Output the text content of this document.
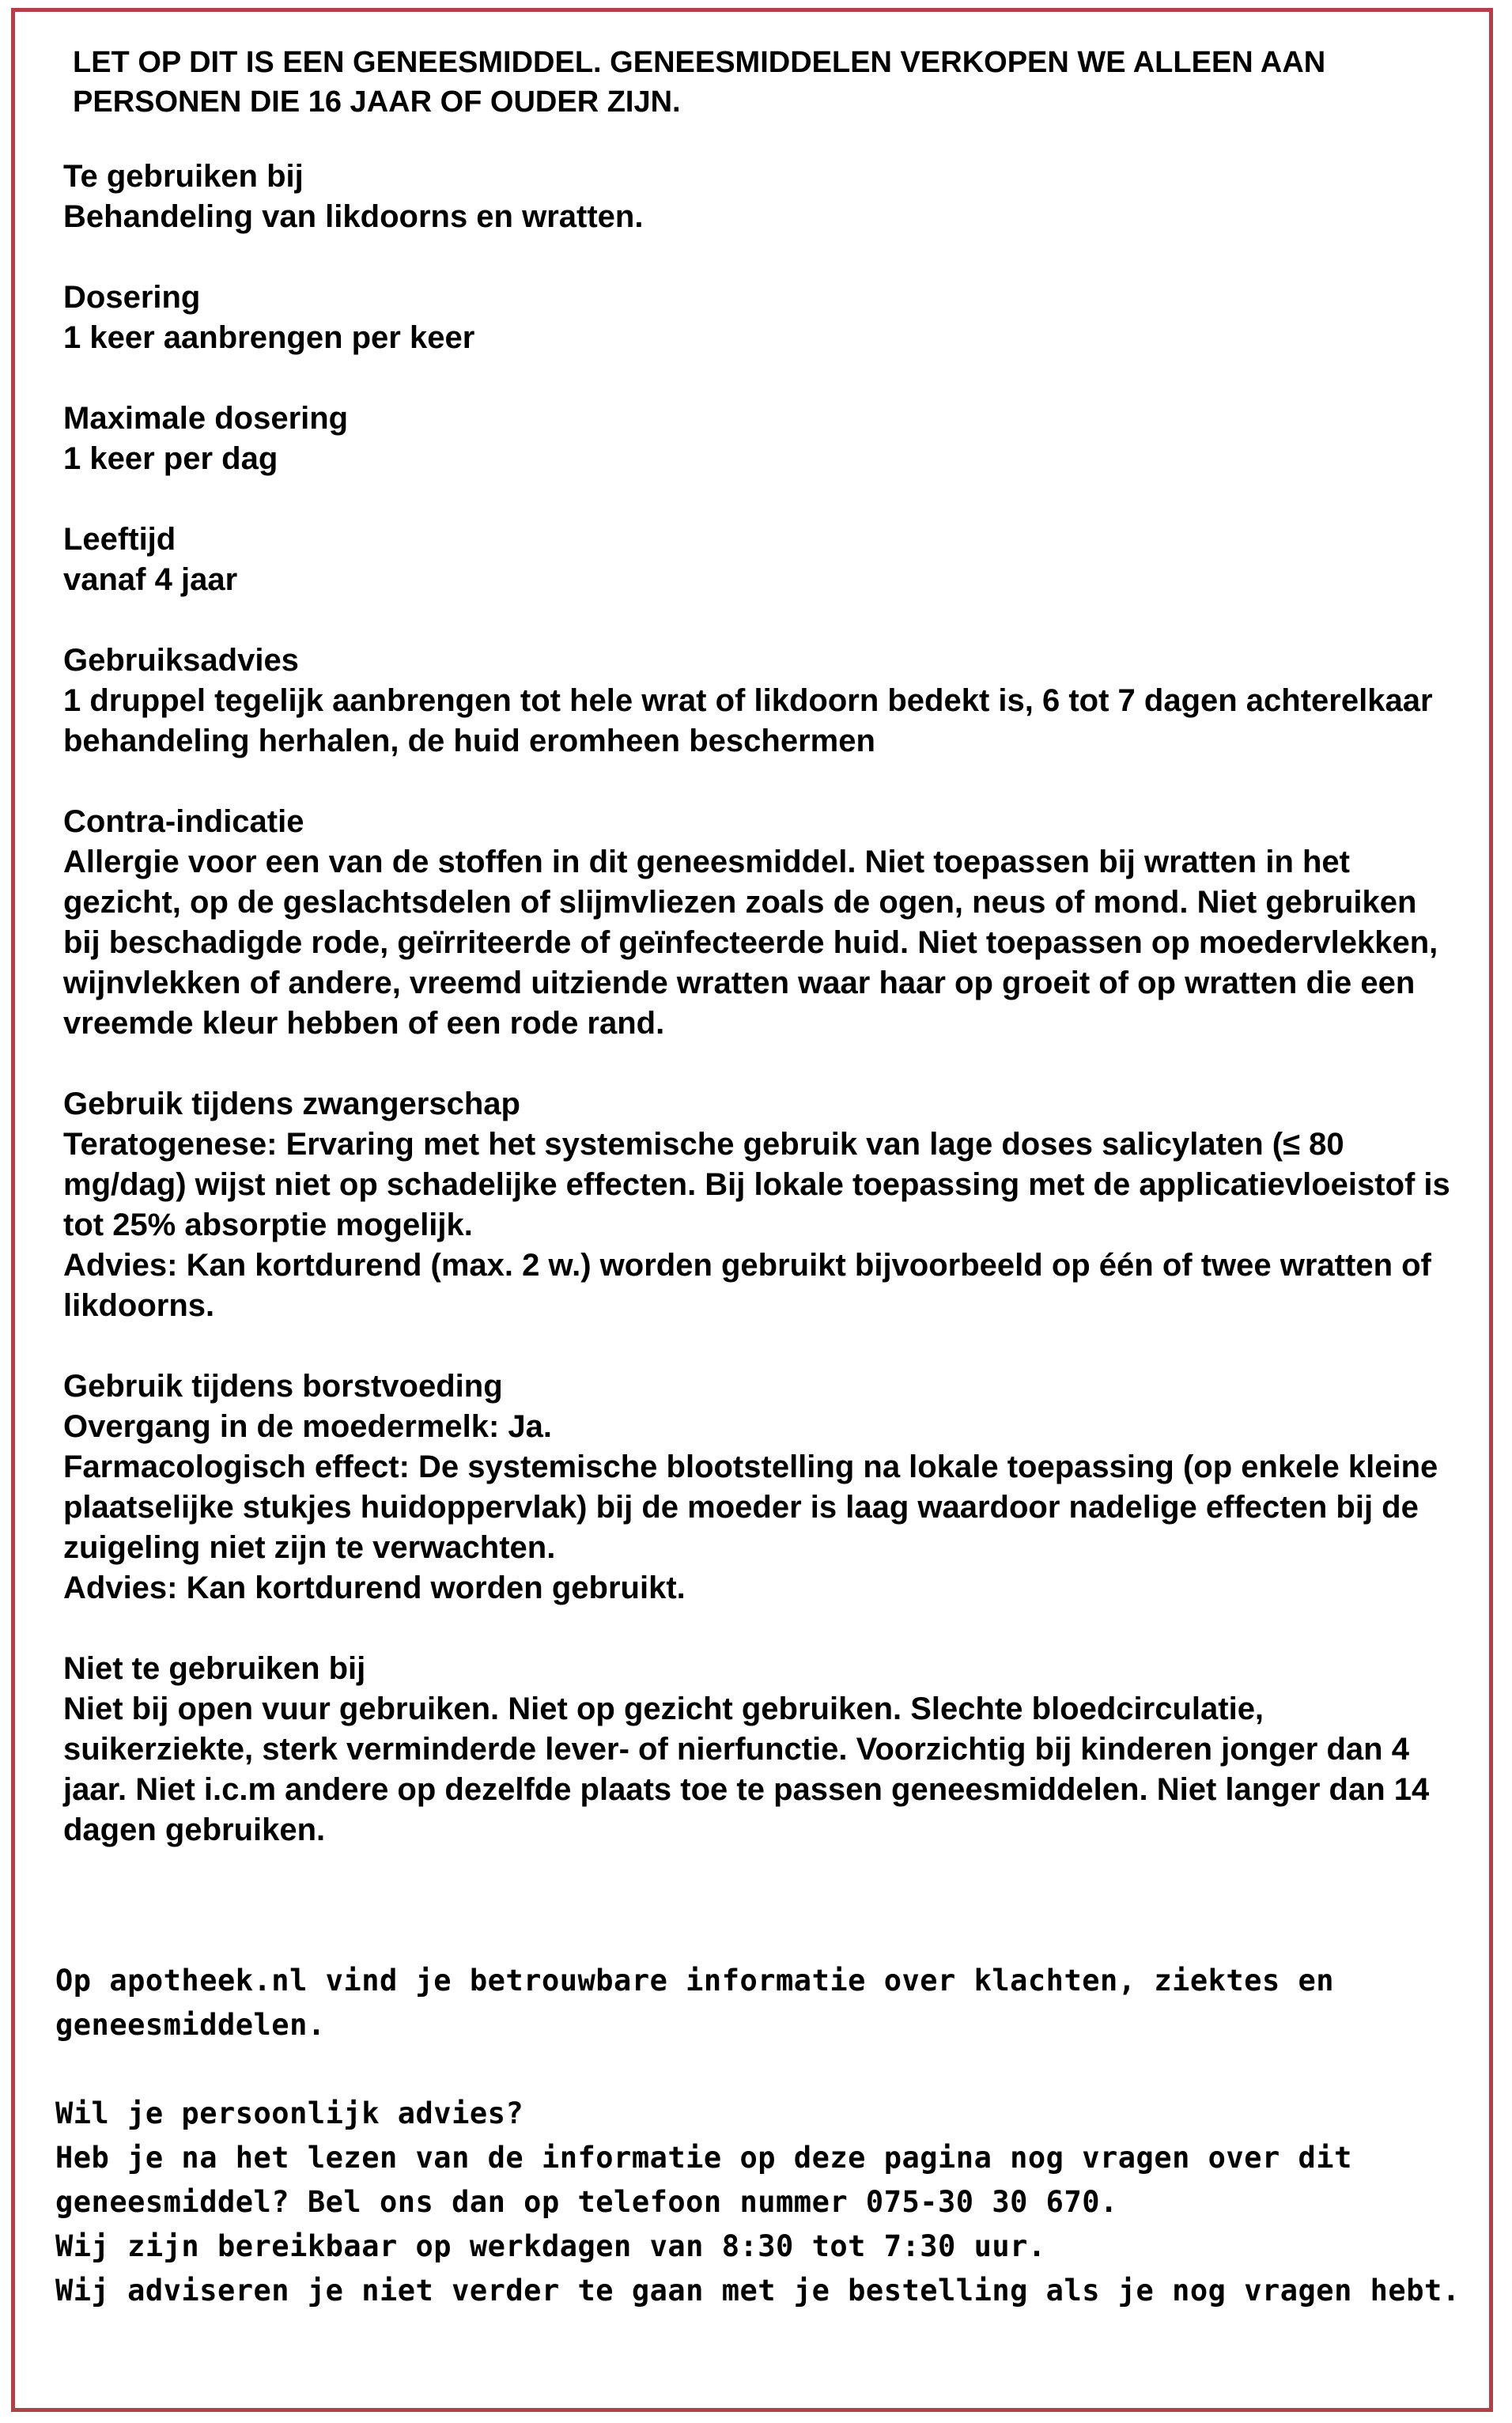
LET OP DIT IS EEN GENEESMIDDEL. GENEESMIDDELEN VERKOPEN WE ALLEEN AAN PERSONEN DIE 16 JAAR OF OUDER ZIJN.

Te gebruiken bij

Behandeling van likdoorns en wratten.

Dosering

1 keer aanbrengen per keer

Maximale dosering

1 keer per dag

Leeftijd

vanaf 4 jaar

Gebruiksadvies

1 druppel tegelijk aanbrengen tot hele wrat of likdoorn bedekt is, 6 tot 7 dagen achterelkaar behandeling herhalen, de huid eromheen beschermen

Contra-indicatie

Allergie voor een van de stoffen in dit geneesmiddel. Niet toepassen bij wratten in het gezicht, op de geslachtsdelen of slijmvliezen zoals de ogen, neus of mond. Niet gebruiken bij beschadigde rode, geïrriteerde of geïnfecteerde huid. Niet toepassen op moedervlekken, wijnvlekken of andere, vreemd uitziende wratten waar haar op groeit of op wratten die een vreemde kleur hebben of een rode rand.

Gebruik tijdens zwangerschap

Teratogenese: Ervaring met het systemische gebruik van lage doses salicylaten (≤ 80 mg/dag) wijst niet op schadelijke effecten. Bij lokale toepassing met de applicatievloeistof is tot 25% absorptie mogelijk.

Advies: Kan kortdurend (max. 2 w.) worden gebruikt bijvoorbeeld op één of twee wratten of likdoorns.

Gebruik tijdens borstvoeding

Overgang in de moedermelk: Ja.

Farmacologisch effect: De systemische blootstelling na lokale toepassing (op enkele kleine plaatselijke stukjes huidoppervlak) bij de moeder is laag waardoor nadelige effecten bij de zuigeling niet zijn te verwachten.

Advies: Kan kortdurend worden gebruikt.

Niet te gebruiken bij

Niet bij open vuur gebruiken. Niet op gezicht gebruiken. Slechte bloedcirculatie, suikerziekte, sterk verminderde lever- of nierfunctie. Voorzichtig bij kinderen jonger dan 4 jaar. Niet i.c.m andere op dezelfde plaats toe te passen geneesmiddelen. Niet langer dan 14 dagen gebruiken.

Op apotheek.nl vind je betrouwbare informatie over klachten, ziektes en geneesmiddelen.

Wil je persoonlijk advies?

Heb je na het lezen van de informatie op deze pagina nog vragen over dit geneesmiddel? Bel ons dan op telefoon nummer 075-30 30 670.

Wij zijn bereikbaar op werkdagen van 8:30 tot 7:30 uur.

Wij adviseren je niet verder te gaan met je bestelling als je nog vragen hebt.
